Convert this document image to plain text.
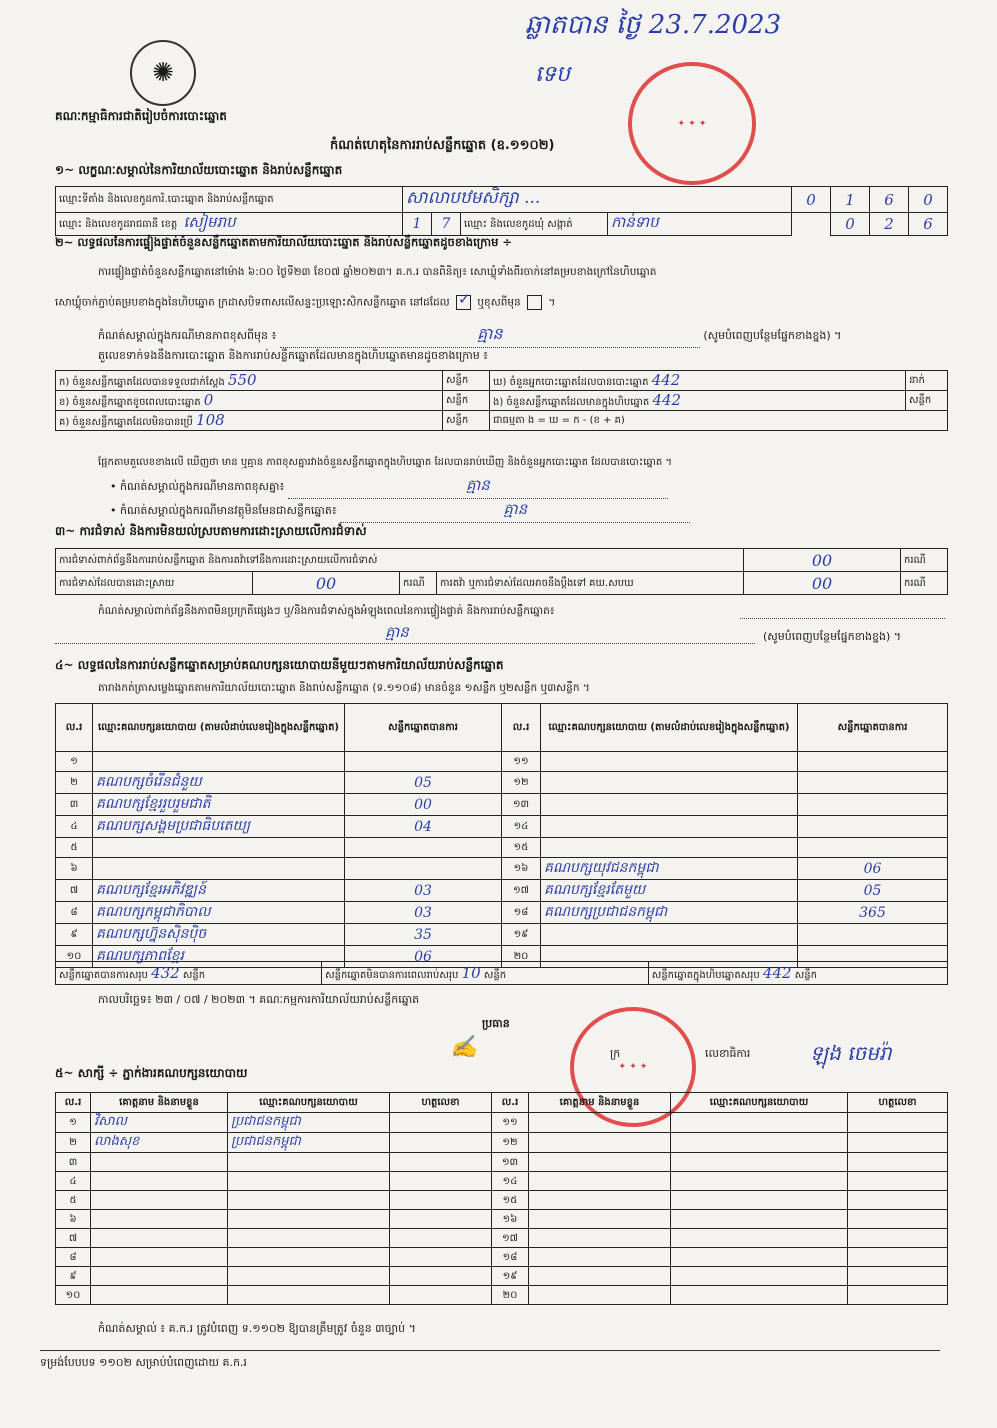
ឆ្លាតបាន ថ្ងៃ 23.7.2023
ទេប
✦ ✦ ✦
✺
គណៈកម្មាធិការជាតិរៀបចំការបោះឆ្នោត
កំណត់ហេតុនៃការរាប់សន្លឹកឆ្នោត (ឧ.១១០២)
១~ លក្ខណៈសម្គាល់នៃការិយាល័យបោះឆ្នោត និងរាប់សន្លឹកឆ្នោត
ឈ្មោះទីតាំង និងលេខកូដការិ.បោះឆ្នោត និងរាប់សន្លឹកឆ្នោត	សាលាបឋមសិក្សា ...				0	1	6	0
ឈ្មោះ និងលេខកូដរាជធានី ខេត្ត សៀមរាប	1	7	ឈ្មោះ និងលេខកូដឃុំ សង្កាត់	កាន់ទាប		0	2	6
២~ លទ្ធផលនៃការផ្ទៀងផ្ទាត់ចំនួនសន្លឹកឆ្នោតតាមការិយាល័យបោះឆ្នោត និងរាប់សន្លឹកឆ្នោតដូចខាងក្រោម ÷
ការផ្ទៀងផ្ទាត់ចំនួនសន្លឹកឆ្នោតនៅម៉ោង ៦:០០ ថ្ងៃទី២៣ ខែ០៧ ឆ្នាំ២០២៣។ គ.ក.រ បានពិនិត្យ៖ សោឃ្លុំទាំងពីរចាក់នៅគម្របខាងក្រៅនៃហិបឆ្នោត
សោឃ្លុំចាក់ភ្ជាប់គម្របខាងក្នុងនៃហិបឆ្នោត ក្រដាសបិទពាសលើសន្ទះប្រឡោះសិកសន្លឹកឆ្នោត នៅដដែល ✓ ឬខុសពីមុន  ។
កំណត់សម្គាល់ក្នុងករណីមានភាពខុសពីមុន ៖	គ្មាន	(សូមបំពេញបន្ថែមផ្នែកខាងខ្នង) ។
តួលេខទាក់ទងនឹងការបោះឆ្នោត និងការរាប់សន្លឹកឆ្នោតដែលមានក្នុងហិបឆ្នោតមានដូចខាងក្រោម ៖
ក) ចំនួនសន្លឹកឆ្នោតដែលបានទទួលជាក់ស្តែង 550	សន្លឹក	ឃ) ចំនួនអ្នកបោះឆ្នោតដែលបានបោះឆ្នោត 442	នាក់
ខ) ចំនួនសន្លឹកឆ្នោតខូចពេលបោះឆ្នោត 0	សន្លឹក	ង) ចំនួនសន្លឹកឆ្នោតដែលមានក្នុងហិបឆ្នោត 442	សន្លឹក
គ) ចំនួនសន្លឹកឆ្នោតដែលមិនបានប្រើ 108	សន្លឹក	ជាធម្មតា ង = ឃ = ក - (ខ + គ)	
ផ្អែកតាមតួលេខខាងលើ ឃើញថា មាន ឬគ្មាន ភាពខុសគ្នារវាងចំនួនសន្លឹកឆ្នោតក្នុងហិបឆ្នោត ដែលបានរាប់ឃើញ និងចំនួនអ្នកបោះឆ្នោត ដែលបានបោះឆ្នោត ។
• កំណត់សម្គាល់ក្នុងករណីមានភាពខុសគ្នា៖	គ្មាន
• កំណត់សម្គាល់ក្នុងករណីមានវត្ថុមិនមែនជាសន្លឹកឆ្នោត៖	គ្មាន
៣~ ការជំទាស់ និងការមិនយល់ស្របតាមការដោះស្រាយលើការជំទាស់
ការជំទាស់ពាក់ព័ន្ធនឹងការរាប់សន្លឹកឆ្នោត និងការតវ៉ាទៅនឹងការដោះស្រាយលើការជំទាស់				00	ករណី
ការជំទាស់ដែលបានដោះស្រាយ	00	ករណី	ការតវ៉ា ឬការជំទាស់ដែលអាចនឹងប្តឹងទៅ គឃ.សបឃ	00	ករណី
កំណត់សម្គាល់ពាក់ព័ន្ធនឹងភាពមិនប្រក្រតីផ្សេងៗ ឬ/និងការជំទាស់ក្នុងអំឡុងពេលនៃការផ្ទៀងផ្ទាត់ និងការរាប់សន្លឹកឆ្នោត៖
គ្មាន	(សូមបំពេញបន្ថែមផ្នែកខាងខ្នង) ។
៤~ លទ្ធផលនៃការរាប់សន្លឹកឆ្នោតសម្រាប់គណបក្សនយោបាយនីមួយៗតាមការិយាល័យរាប់សន្លឹកឆ្នោត
តារាងកត់ត្រាសម្លេងឆ្នោតតាមការិយាល័យបោះឆ្នោត និងរាប់សន្លឹកឆ្នោត (ទ.១១០៨) មានចំនួន ១សន្លឹក ឬ២សន្លឹក ឬ៣សន្លឹក ។
ល.រ	ឈ្មោះគណបក្សនយោបាយ (តាមលំដាប់លេខរៀងក្នុងសន្លឹកឆ្នោត)	សន្លឹកឆ្នោតបានការ	ល.រ	ឈ្មោះគណបក្សនយោបាយ (តាមលំដាប់លេខរៀងក្នុងសន្លឹកឆ្នោត)	សន្លឹកឆ្នោតបានការ
១			១១		
២	គណបក្សចំរើនជំនួយ	05	១២		
៣	គណបក្សខ្មែររួបរួមជាតិ	00	១៣		
៤	គណបក្សសង្គមប្រជាធិបតេយ្យ	04	១៤		
៥			១៥		
៦			១៦	គណបក្សយុវជនកម្ពុជា	06
៧	គណបក្សខ្មែរអភិវឌ្ឍន៍	03	១៧	គណបក្សខ្មែរតែមួយ	05
៨	គណបក្សកម្ពុជាភិបាល	03	១៨	គណបក្សប្រជាជនកម្ពុជា	365
៩	គណបក្សហ្វ៊ុនស៊ិនប៉ិច	35	១៩		
១០	គណបក្សភាពខ្មែរ	06	២០		
សន្លឹកឆ្នោតបានការសរុប 432 សន្លឹក	សន្លឹកឆ្នោតមិនបានការពេលរាប់សរុប 10 សន្លឹក	សន្លឹកឆ្នោតក្នុងហិបឆ្នោតសរុប 442 សន្លឹក
កាលបរិច្ឆេទ៖ ២៣ / ០៧ / ២០២៣ ។ គណៈកម្មការការិយាល័យរាប់សន្លឹកឆ្នោត
ប្រធាន
✍	ក្រ
✦ ✦ ✦
លេខាធិការ	ឡុង ចេមរ៉ា
៥~ សាក្សី ÷ ភ្នាក់ងារគណបក្សនយោបាយ
ល.រ	គោត្តនាម និងនាមខ្លួន	ឈ្មោះគណបក្សនយោបាយ	ហត្ថលេខា	ល.រ	គោត្តនាម និងនាមខ្លួន	ឈ្មោះគណបក្សនយោបាយ	ហត្ថលេខា
១	វិសាល	ប្រជាជនកម្ពុជា		១១			
២	លាងសុខ	ប្រជាជនកម្ពុជា		១២			
៣				១៣			
៤				១៤			
៥				១៥			
៦				១៦			
៧				១៧			
៨				១៨			
៩				១៩			
១០				២០			
កំណត់សម្គាល់ ៖ គ.ក.រ ត្រូវបំពេញ ទ.១១០២ ឱ្យបានត្រឹមត្រូវ ចំនួន ៣ច្បាប់ ។
ទម្រង់បែបបទ ១១០២ សម្រាប់បំពេញដោយ គ.ក.រ
